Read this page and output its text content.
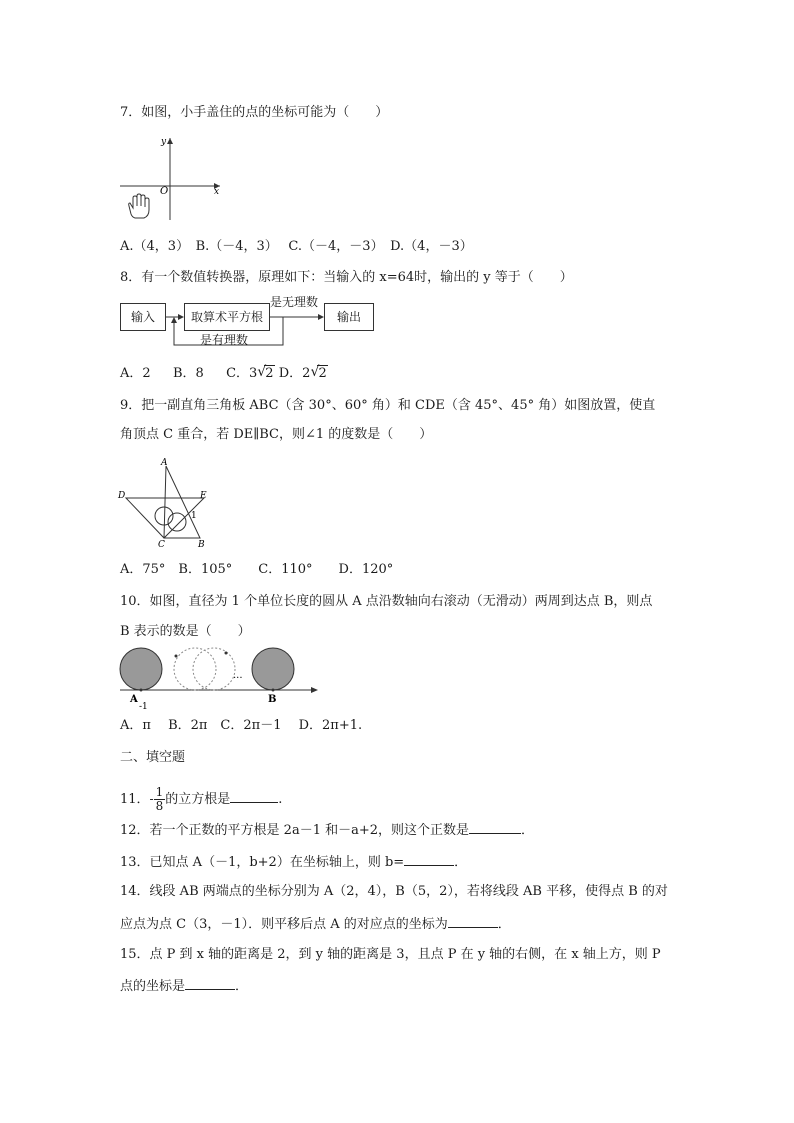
7．如图，小手盖住的点的坐标可能为（　　）
y
x
O
A.（4，3）　B.（－4，3）　 C.（－4，－3）　D.（4，－3）
8．有一个数值转换器，原理如下：当输入的 x=64时，输出的 y 等于（　　）
输入	取算术平方根	输出
是无理数
是有理数
A．2 B．8 C．3 √ 2 D．2 √ 2
9．把一副直角三角板 ABC（含 30°、60° 角）和 CDE（含 45°、45° 角）如图放置，使直
角顶点 C 重合，若 DE∥BC，则∠1 的度数是（　　）
A
D	E
1
C	B
A．75°　B．105°　　C．110°　　D．120°
10．如图，直径为 1 个单位长度的圆从 A 点沿数轴向右滚动（无滑动）两周到达点 B，则点
B 表示的数是（　　）
...
A
-1
B
A．π　 B．2π　C．2π－1　 D．2π+1.
二、填空题
11．- $\frac{1}{8}$ 的立方根是	.
12．若一个正数的平方根是 2a－1 和－a+2，则这个正数是	．
13．已知点 A（－1，b+2）在坐标轴上，则 b=	．
14．线段 AB 两端点的坐标分别为 A（2，4），B（5，2），若将线段 AB 平移，使得点 B 的对
应点为点 C（3，－1）．则平移后点 A 的对应点的坐标为	．
15．点 P 到 x 轴的距离是 2，到 y 轴的距离是 3，且点 P 在 y 轴的右侧，在 x 轴上方，则 P
点的坐标是	．
